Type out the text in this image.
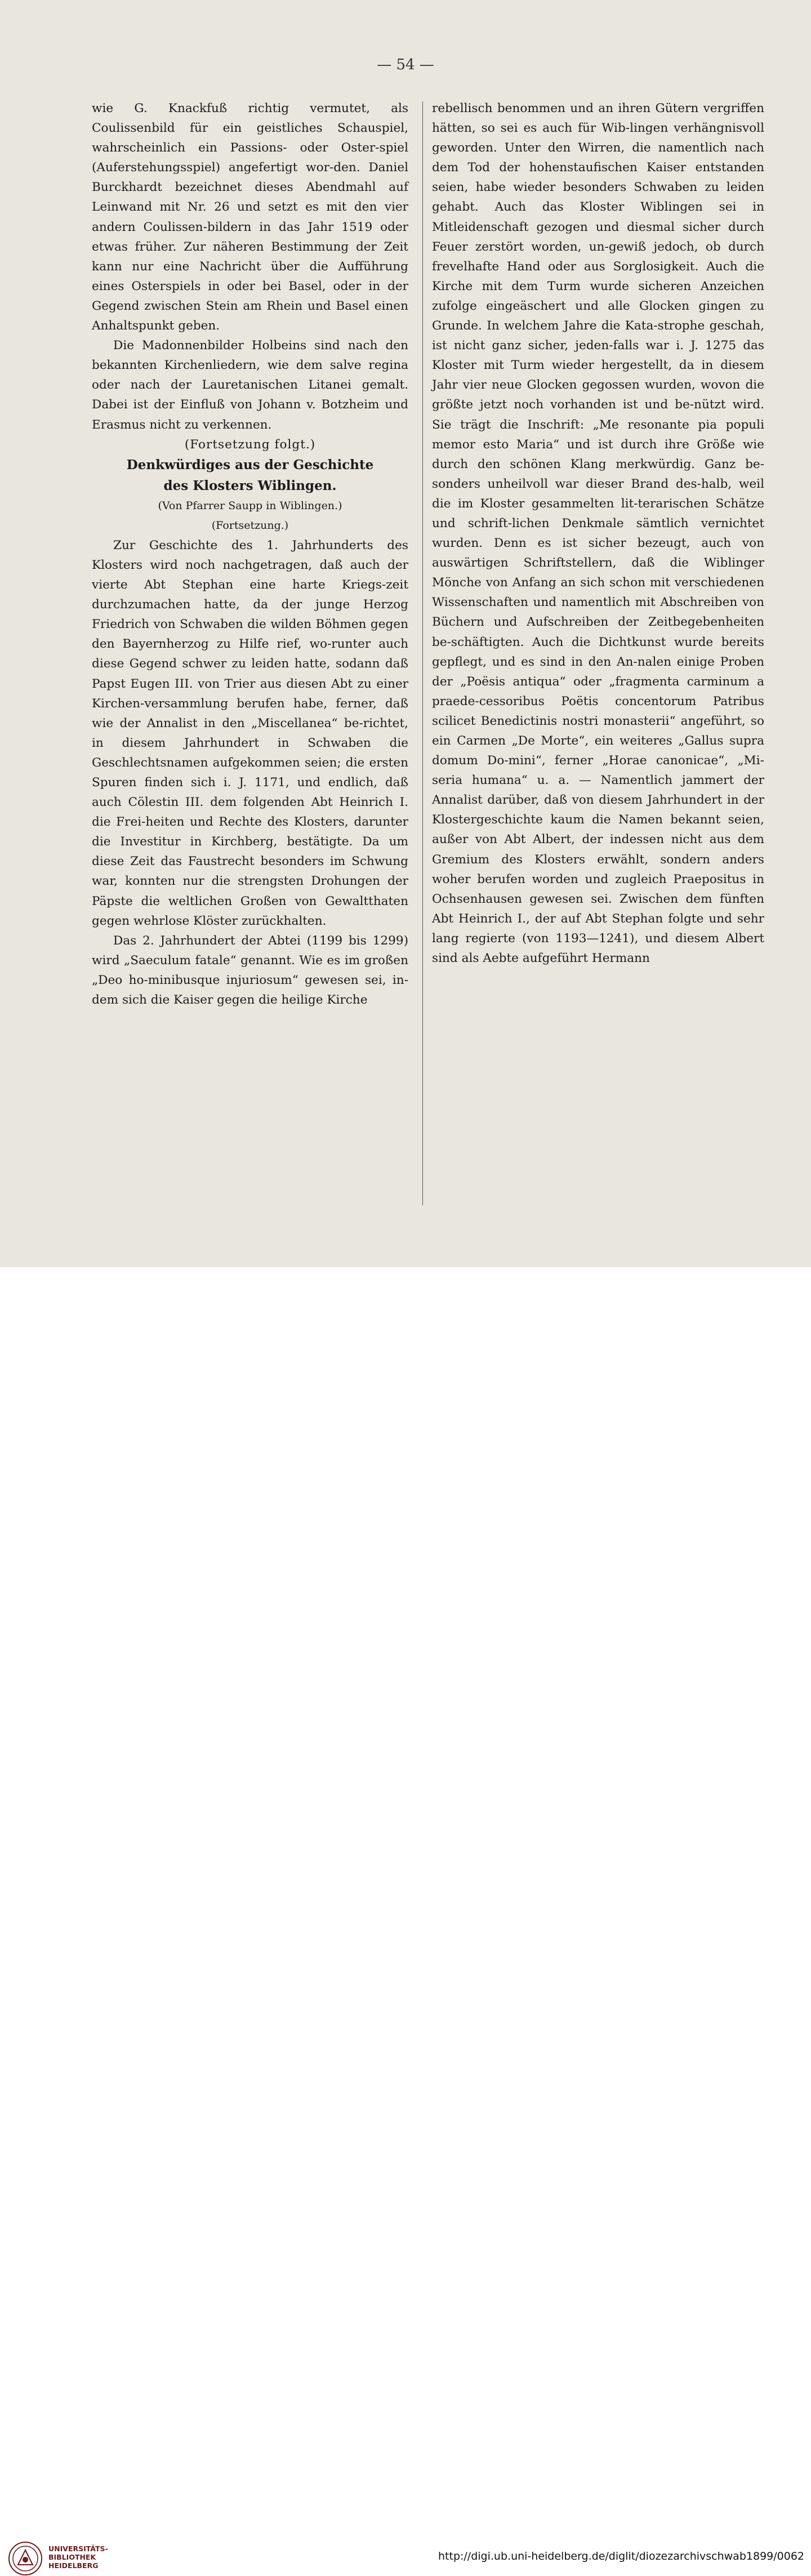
— 54 —

wie G. Knackfuß richtig vermutet, als Coulissenbild für ein geistliches Schauspiel, wahrscheinlich ein Passions- oder Oster-spiel (Auferstehungsspiel) angefertigt wor-den. Daniel Burckhardt bezeichnet dieses Abendmahl auf Leinwand mit Nr. 26 und setzt es mit den vier andern Coulissen-bildern in das Jahr 1519 oder etwas früher. Zur näheren Bestimmung der Zeit kann nur eine Nachricht über die Aufführung eines Osterspiels in oder bei Basel, oder in der Gegend zwischen Stein am Rhein und Basel einen Anhaltspunkt geben.

Die Madonnenbilder Holbeins sind nach den bekannten Kirchenliedern, wie dem salve regina oder nach der Lauretanischen Litanei gemalt. Dabei ist der Einfluß von Johann v. Botzheim und Erasmus nicht zu verkennen.

(Fortsetzung folgt.)

Denkwürdiges aus der Geschichte

des Klosters Wiblingen.

(Von Pfarrer Saupp in Wiblingen.)

(Fortsetzung.)

Zur Geschichte des 1. Jahrhunderts des Klosters wird noch nachgetragen, daß auch der vierte Abt Stephan eine harte Kriegs-zeit durchzumachen hatte, da der junge Herzog Friedrich von Schwaben die wilden Böhmen gegen den Bayernherzog zu Hilfe rief, wo-runter auch diese Gegend schwer zu leiden hatte, sodann daß Papst Eugen III. von Trier aus diesen Abt zu einer Kirchen-versammlung berufen habe, ferner, daß wie der Annalist in den „Miscellanea“ be-richtet, in diesem Jahrhundert in Schwaben die Geschlechtsnamen aufgekommen seien; die ersten Spuren finden sich i. J. 1171, und endlich, daß auch Cölestin III. dem folgenden Abt Heinrich I. die Frei-heiten und Rechte des Klosters, darunter die Investitur in Kirchberg, bestätigte. Da um diese Zeit das Faustrecht besonders im Schwung war, konnten nur die strengsten Drohungen der Päpste die weltlichen Großen von Gewaltthaten gegen wehrlose Klöster zurückhalten.

Das 2. Jahrhundert der Abtei (1199 bis 1299) wird „Saeculum fatale“ genannt. Wie es im großen „Deo ho-minibusque injuriosum“ gewesen sei, in-dem sich die Kaiser gegen die heilige Kirche

rebellisch benommen und an ihren Gütern vergriffen hätten, so sei es auch für Wib-lingen verhängnisvoll geworden. Unter den Wirren, die namentlich nach dem Tod der hohenstaufischen Kaiser entstanden seien, habe wieder besonders Schwaben zu leiden gehabt. Auch das Kloster Wiblingen sei in Mitleidenschaft gezogen und diesmal sicher durch Feuer zerstört worden, un-gewiß jedoch, ob durch frevelhafte Hand oder aus Sorglosigkeit. Auch die Kirche mit dem Turm wurde sicheren Anzeichen zufolge eingeäschert und alle Glocken gingen zu Grunde. In welchem Jahre die Kata-strophe geschah, ist nicht ganz sicher, jeden-falls war i. J. 1275 das Kloster mit Turm wieder hergestellt, da in diesem Jahr vier neue Glocken gegossen wurden, wovon die größte jetzt noch vorhanden ist und be-nützt wird. Sie trägt die Inschrift: „Me resonante pia populi memor esto Maria“ und ist durch ihre Größe wie durch den schönen Klang merkwürdig. Ganz be-sonders unheilvoll war dieser Brand des-halb, weil die im Kloster gesammelten lit-terarischen Schätze und schrift-lichen Denkmale sämtlich vernichtet wurden. Denn es ist sicher bezeugt, auch von auswärtigen Schriftstellern, daß die Wiblinger Mönche von Anfang an sich schon mit verschiedenen Wissenschaften und namentlich mit Abschreiben von Büchern und Aufschreiben der Zeitbegebenheiten be-schäftigten. Auch die Dichtkunst wurde bereits gepflegt, und es sind in den An-nalen einige Proben der „Poësis antiqua“ oder „fragmenta carminum a praede-cessoribus Poëtis concentorum Patribus scilicet Benedictinis nostri monasterii“ angeführt, so ein Carmen „De Morte“, ein weiteres „Gallus supra domum Do-mini“, ferner „Horae canonicae“, „Mi-seria humana“ u. a. — Namentlich jammert der Annalist darüber, daß von diesem Jahrhundert in der Klostergeschichte kaum die Namen bekannt seien, außer von Abt Albert, der indessen nicht aus dem Gremium des Klosters erwählt, sondern anders woher berufen worden und zugleich Praepositus in Ochsenhausen gewesen sei. Zwischen dem fünften Abt Heinrich I., der auf Abt Stephan folgte und sehr lang regierte (von 1193—1241), und diesem Albert sind als Aebte aufgeführt Hermann

UNIVERSITÄTS-
BIBLIOTHEK
HEIDELBERG
http://digi.ub.uni-heidelberg.de/diglit/diozezarchivschwab1899/0062
